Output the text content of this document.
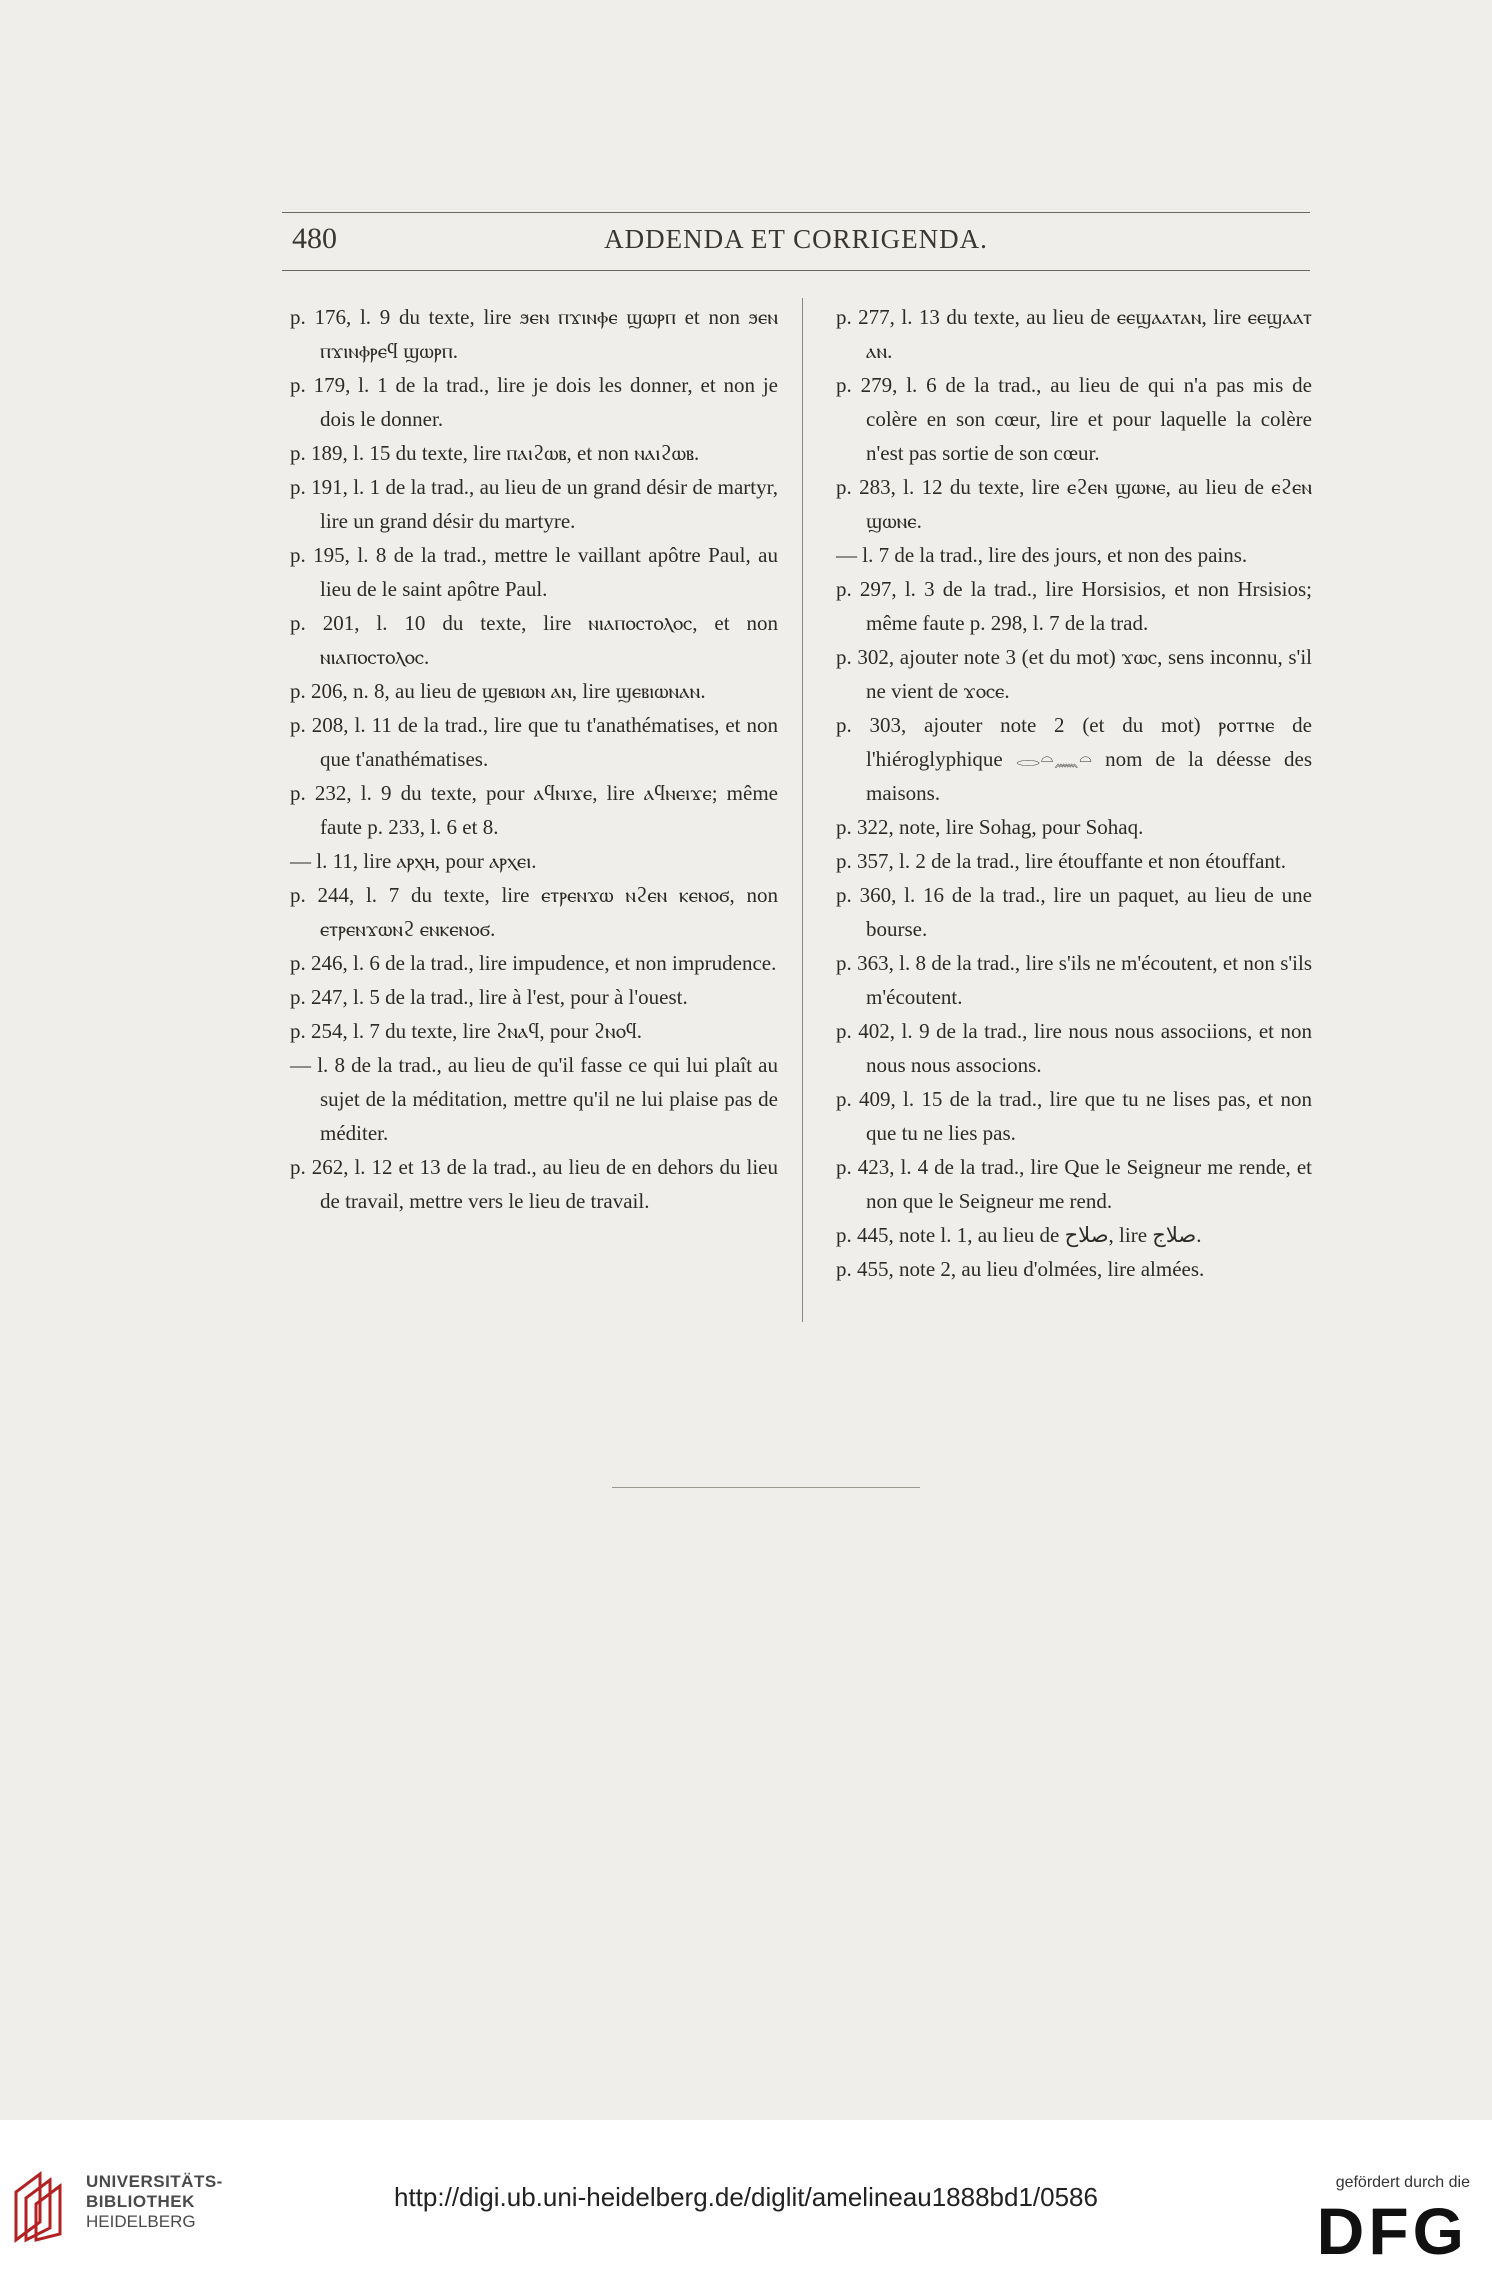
480	ADDENDA ET CORRIGENDA.

p. 176, l. 9 du texte, lire ϧⲉⲛ ⲡϫⲓⲛⲫⲉ ϣⲱⲣⲡ et non ϧⲉⲛ ⲡϫⲓⲛⲫⲣⲉϥ ϣⲱⲣⲡ.

p. 179, l. 1 de la trad., lire je dois les donner, et non je dois le donner.

p. 189, l. 15 du texte, lire ⲡⲁⲓϩⲱⲃ, et non ⲛⲁⲓϩⲱⲃ.

p. 191, l. 1 de la trad., au lieu de un grand désir de martyr, lire un grand désir du martyre.

p. 195, l. 8 de la trad., mettre le vaillant apôtre Paul, au lieu de le saint apôtre Paul.

p. 201, l. 10 du texte, lire ⲛⲓⲁⲡⲟⲥⲧⲟⲗⲟⲥ, et non ⲛⲓⲁⲡⲟⲥⲧⲟⲗⲟⲥ.

p. 206, n. 8, au lieu de ϣⲉⲃⲓⲱⲛ ⲁⲛ, lire ϣⲉⲃⲓⲱⲛⲁⲛ.

p. 208, l. 11 de la trad., lire que tu t'anathématises, et non que t'anathématises.

p. 232, l. 9 du texte, pour ⲁϥⲛⲓϫⲉ, lire ⲁϥⲛⲉⲓϫⲉ; même faute p. 233, l. 6 et 8.

— l. 11, lire ⲁⲣⲭⲏ, pour ⲁⲣⲭⲉⲓ.

p. 244, l. 7 du texte, lire ⲉⲧⲣⲉⲛϫⲱ ⲛϩⲉⲛ ⲕⲉⲛⲟϭ, non ⲉⲧⲣⲉⲛϫⲱⲛϩ ⲉⲛⲕⲉⲛⲟϭ.

p. 246, l. 6 de la trad., lire impudence, et non imprudence.

p. 247, l. 5 de la trad., lire à l'est, pour à l'ouest.

p. 254, l. 7 du texte, lire ϩⲛⲁϥ, pour ϩⲛⲟϥ.

— l. 8 de la trad., au lieu de qu'il fasse ce qui lui plaît au sujet de la méditation, mettre qu'il ne lui plaise pas de méditer.

p. 262, l. 12 et 13 de la trad., au lieu de en dehors du lieu de travail, mettre vers le lieu de travail.

p. 277, l. 13 du texte, au lieu de ⲉⲉϣⲁⲁⲧⲁⲛ, lire ⲉⲉϣⲁⲁⲧ ⲁⲛ.

p. 279, l. 6 de la trad., au lieu de qui n'a pas mis de colère en son cœur, lire et pour laquelle la colère n'est pas sortie de son cœur.

p. 283, l. 12 du texte, lire ⲉϩⲉⲛ ϣⲱⲛⲉ, au lieu de ⲉϩⲉⲛ ϣⲱⲛⲉ.

— l. 7 de la trad., lire des jours, et non des pains.

p. 297, l. 3 de la trad., lire Horsisios, et non Hrsisios; même faute p. 298, l. 7 de la trad.

p. 302, ajouter note 3 (et du mot) ϫⲱⲥ, sens inconnu, s'il ne vient de ϫⲟⲥⲉ.

p. 303, ajouter note 2 (et du mot) ⲣⲟⲧⲧⲛⲉ de l'hiéroglyphique 𓂋𓏏𓈖𓏏 nom de la déesse des maisons.

p. 322, note, lire Sohag, pour Sohaq.

p. 357, l. 2 de la trad., lire étouffante et non étouffant.

p. 360, l. 16 de la trad., lire un paquet, au lieu de une bourse.

p. 363, l. 8 de la trad., lire s'ils ne m'écoutent, et non s'ils m'écoutent.

p. 402, l. 9 de la trad., lire nous nous associions, et non nous nous associons.

p. 409, l. 15 de la trad., lire que tu ne lises pas, et non que tu ne lies pas.

p. 423, l. 4 de la trad., lire Que le Seigneur me rende, et non que le Seigneur me rend.

p. 445, note l. 1, au lieu de ﺻﻠﺎﺡ, lire ﺻﻠﺎﺝ.

p. 455, note 2, au lieu d'olmées, lire almées.

UNIVERSITÄTS-
BIBLIOTHEK
HEIDELBERG
http://digi.ub.uni-heidelberg.de/diglit/amelineau1888bd1/0586	gefördert durch die
DFG
